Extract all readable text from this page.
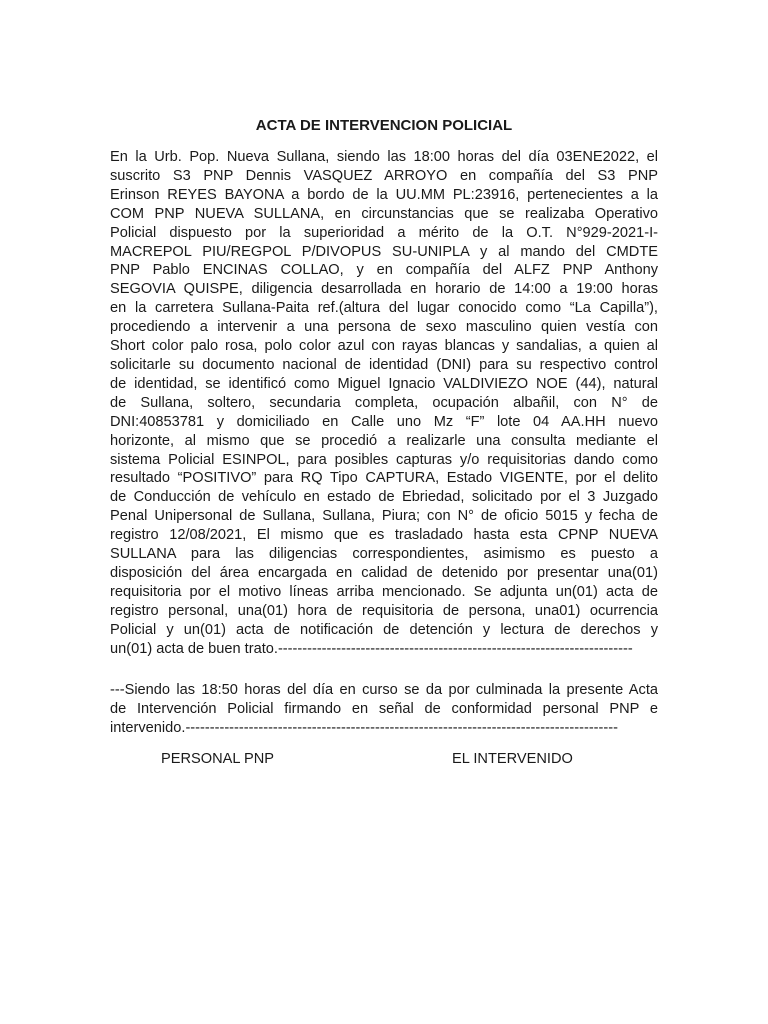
ACTA DE INTERVENCION POLICIAL

En la Urb. Pop. Nueva Sullana, siendo las 18:00 horas del día 03ENE2022, el
suscrito S3 PNP Dennis VASQUEZ ARROYO en compañía del S3 PNP
Erinson REYES BAYONA a bordo de la UU.MM PL:23916, pertenecientes a la
COM PNP NUEVA SULLANA, en circunstancias que se realizaba Operativo
Policial dispuesto por la superioridad a mérito de la O.T. N°929-2021-I-
MACREPOL PIU/REGPOL P/DIVOPUS SU-UNIPLA y al mando del CMDTE
PNP Pablo ENCINAS COLLAO, y en compañía del ALFZ PNP Anthony
SEGOVIA QUISPE, diligencia desarrollada en horario de 14:00 a 19:00 horas
en la carretera Sullana-Paita ref.(altura del lugar conocido como “La Capilla”),
procediendo a intervenir a una persona de sexo masculino quien vestía con
Short color palo rosa, polo color azul con rayas blancas y sandalias, a quien al
solicitarle su documento nacional de identidad (DNI) para su respectivo control
de identidad, se identificó como Miguel Ignacio VALDIVIEZO NOE (44), natural
de Sullana, soltero, secundaria completa, ocupación albañil, con N° de
DNI:40853781 y domiciliado en Calle uno Mz “F” lote 04 AA.HH nuevo
horizonte, al mismo que se procedió a realizarle una consulta mediante el
sistema Policial ESINPOL, para posibles capturas y/o requisitorias dando como
resultado “POSITIVO” para RQ Tipo CAPTURA, Estado VIGENTE, por el delito
de Conducción de vehículo en estado de Ebriedad, solicitado por el 3 Juzgado
Penal Unipersonal de Sullana, Sullana, Piura; con N° de oficio 5015 y fecha de
registro 12/08/2021, El mismo que es trasladado hasta esta CPNP NUEVA
SULLANA para las diligencias correspondientes, asimismo es puesto a
disposición del área encargada en calidad de detenido por presentar una(01)
requisitoria por el motivo líneas arriba mencionado. Se adjunta un(01) acta de
registro personal, una(01) hora de requisitoria de persona, una01) ocurrencia
Policial y un(01) acta de notificación de detención y lectura de derechos y
un(01) acta de buen trato.-------------------------------------------------------------------------

---Siendo las 18:50 horas del día en curso se da por culminada la presente Acta
de Intervención Policial firmando en señal de conformidad personal PNP e
intervenido.-----------------------------------------------------------------------------------------

PERSONAL PNP	EL INTERVENIDO
